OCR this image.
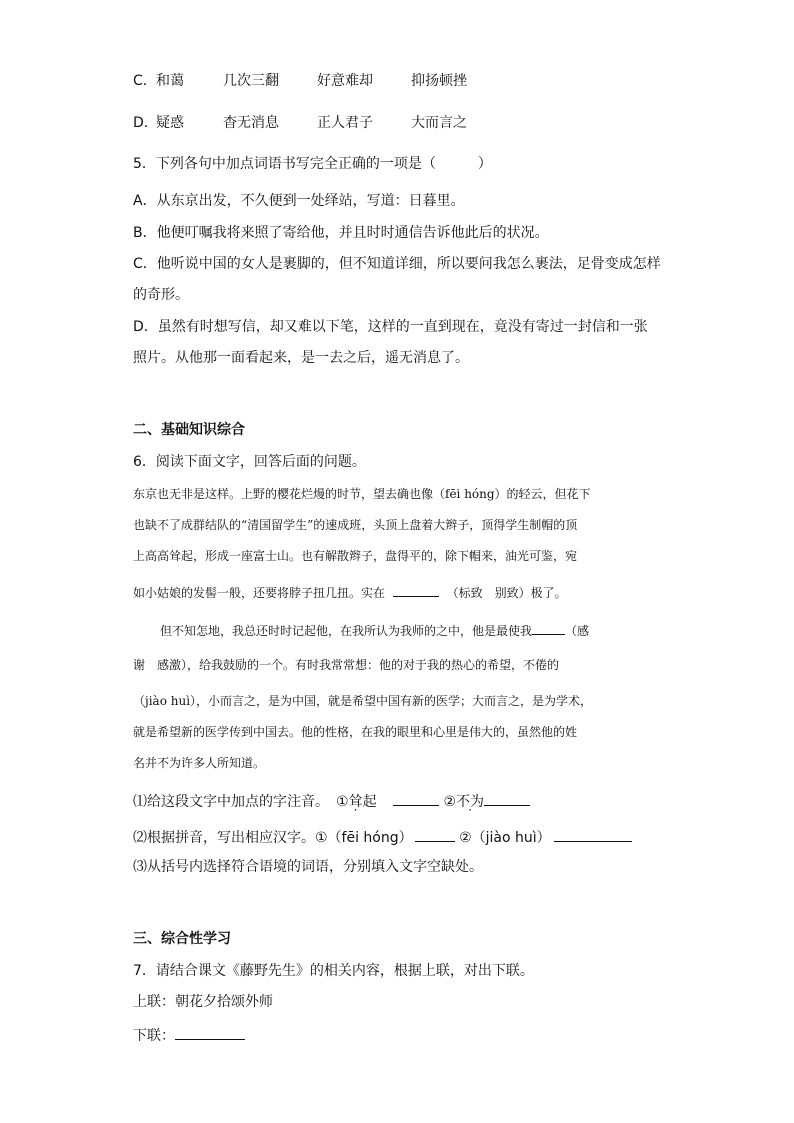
C．和蔼	几次三翻	好意难却	抑扬顿挫
D．疑惑	杳无消息	正人君子	大而言之
5．下列各句中加点词语书写完全正确的一项是（　　　）
A．从东京出发，不久便到一处绎站，写道：日暮里。
B．他便叮嘱我将来照了寄给他，并且时时通信告诉他此后的状况。
C．他听说中国的女人是裹脚的，但不知道详细，所以要问我怎么裹法，足骨变成怎样
的奇形。
D．虽然有时想写信，却又难以下笔，这样的一直到现在，竟没有寄过一封信和一张
照片。从他那一面看起来，是一去之后，遥无消息了。
二、基础知识综合
6．阅读下面文字，回答后面的问题。
东京也无非是这样。上野的樱花烂熳的时节，望去确也像（fēi hóng）的轻云，但花下
也缺不了成群结队的“清国留学生”的速成班，头顶上盘着大辫子，顶得学生制帽的顶
上高高耸起，形成一座富士山。也有解散辫子，盘得平的，除下帽来，油光可鉴，宛
如小姑娘的发髻一般，还要将脖子扭几扭。实在	（标致　别致）极了。
但不知怎地，我总还时时记起他，在我所认为我师的之中，他是最使我	（感
谢　感激），给我鼓励的一个。有时我常常想：他的对于我的热心的希望，不倦的
（jiào huì），小而言之，是为中国，就是希望中国有新的医学；大而言之，是为学术，
就是希望新的医学传到中国去。他的性格，在我的眼里和心里是伟大的，虽然他的姓
名并不为许多人所知道。
⑴给这段文字中加点的字注音。　①耸起	②不为
⑵根据拼音，写出相应汉字。①（fēi hóng）	②（jiào huì）
⑶从括号内选择符合语境的词语，分别填入文字空缺处。
三、综合性学习
7．请结合课文《藤野先生》的相关内容，根据上联，对出下联。
上联：朝花夕拾颂外师
下联：
